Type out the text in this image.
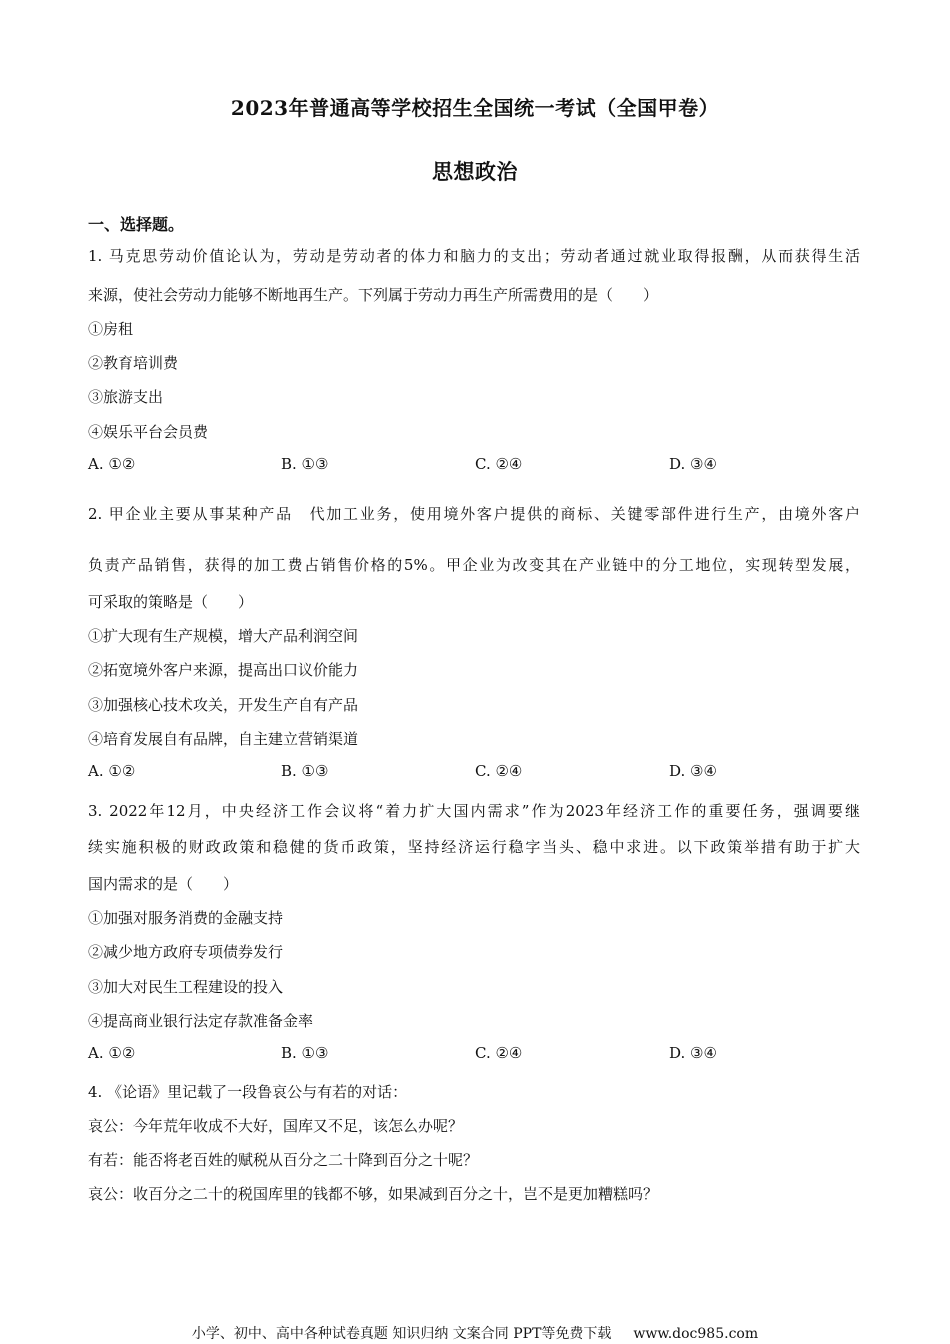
2023年普通高等学校招生全国统一考试（全国甲卷）
思想政治
一、选择题。
1. 马克思劳动价值论认为，劳动是劳动者的体力和脑力的支出；劳动者通过就业取得报酬，从而获得生活
来源，使社会劳动力能够不断地再生产。下列属于劳动力再生产所需费用的是（　　）
①房租
②教育培训费
③旅游支出
④娱乐平台会员费
A. ①②	B. ①③	C. ②④	D. ③④
2. 甲企业主要从事某种产品　代加工业务，使用境外客户提供的商标、关键零部件进行生产，由境外客户
负责产品销售，获得的加工费占销售价格的5%。甲企业为改变其在产业链中的分工地位，实现转型发展，
可采取的策略是（　　）
①扩大现有生产规模，增大产品利润空间
②拓宽境外客户来源，提高出口议价能力
③加强核心技术攻关，开发生产自有产品
④培育发展自有品牌，自主建立营销渠道
A. ①②	B. ①③	C. ②④	D. ③④
3. 2022年12月，中央经济工作会议将“着力扩大国内需求”作为2023年经济工作的重要任务，强调要继
续实施积极的财政政策和稳健的货币政策，坚持经济运行稳字当头、稳中求进。以下政策举措有助于扩大
国内需求的是（　　）
①加强对服务消费的金融支持
②减少地方政府专项债券发行
③加大对民生工程建设的投入
④提高商业银行法定存款准备金率
A. ①②	B. ①③	C. ②④	D. ③④
4. 《论语》里记载了一段鲁哀公与有若的对话：
哀公：今年荒年收成不大好，国库又不足，该怎么办呢？
有若：能否将老百姓的赋税从百分之二十降到百分之十呢？
哀公：收百分之二十的税国库里的钱都不够，如果减到百分之十，岂不是更加糟糕吗？
小学、初中、高中各种试卷真题 知识归纳 文案合同 PPT等免费下载 www.doc985.com
